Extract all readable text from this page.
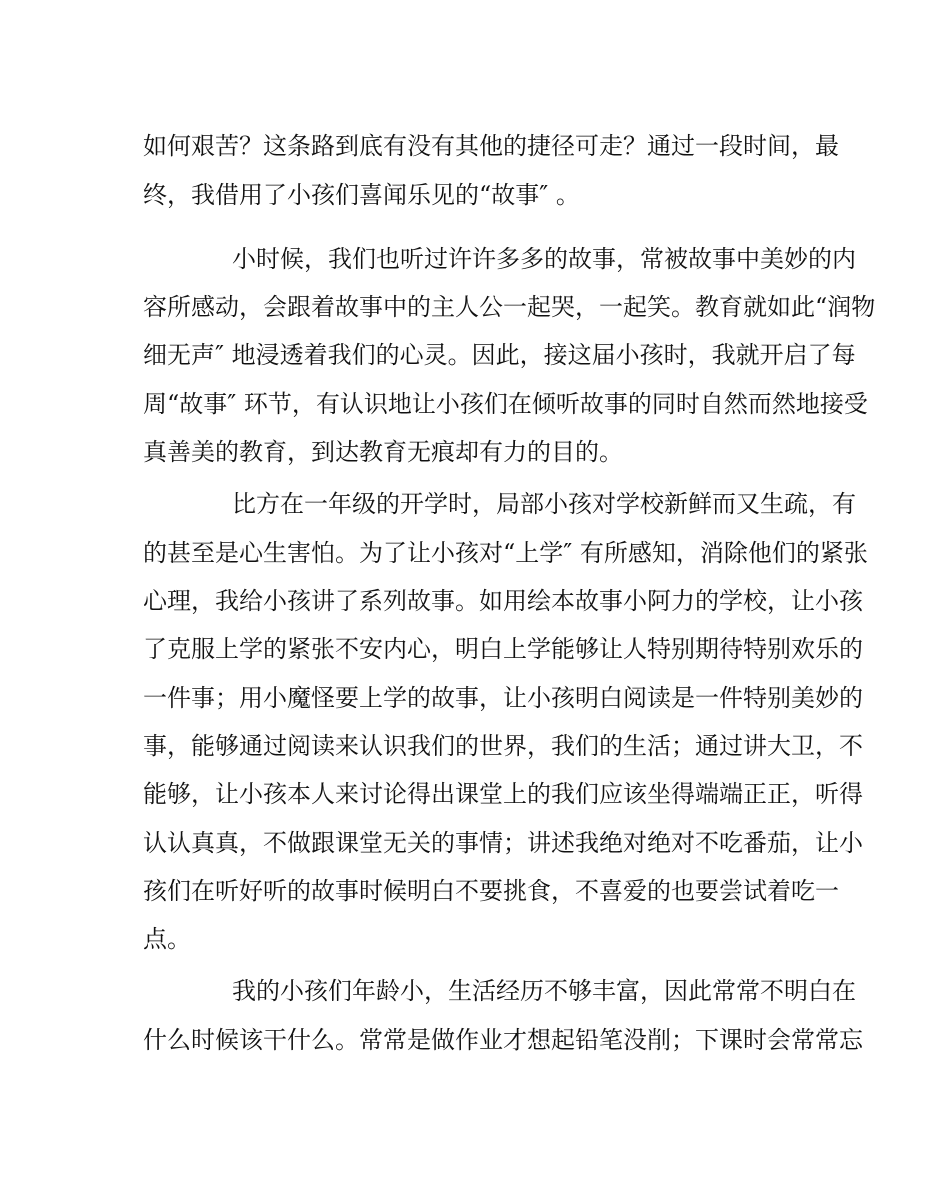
如何艰苦？这条路到底有没有其他的捷径可走？通过一段时间，最
终，我借用了小孩们喜闻乐见的“故事″ 。
小时候，我们也听过许许多多的故事，常被故事中美妙的内
容所感动，会跟着故事中的主人公一起哭，一起笑。教育就如此“润物
细无声″ 地浸透着我们的心灵。因此，接这届小孩时，我就开启了每
周“故事″ 环节，有认识地让小孩们在倾听故事的同时自然而然地接受
真善美的教育，到达教育无痕却有力的目的。
比方在一年级的开学时，局部小孩对学校新鲜而又生疏，有
的甚至是心生害怕。为了让小孩对“上学″ 有所感知，消除他们的紧张
心理，我给小孩讲了系列故事。如用绘本故事小阿力的学校，让小孩
了克服上学的紧张不安内心，明白上学能够让人特别期待特别欢乐的
一件事；用小魔怪要上学的故事，让小孩明白阅读是一件特别美妙的
事，能够通过阅读来认识我们的世界，我们的生活；通过讲大卫，不
能够，让小孩本人来讨论得出课堂上的我们应该坐得端端正正，听得
认认真真，不做跟课堂无关的事情；讲述我绝对绝对不吃番茄，让小
孩们在听好听的故事时候明白不要挑食，不喜爱的也要尝试着吃一
点。
我的小孩们年龄小，生活经历不够丰富，因此常常不明白在
什么时候该干什么。常常是做作业才想起铅笔没削；下课时会常常忘
